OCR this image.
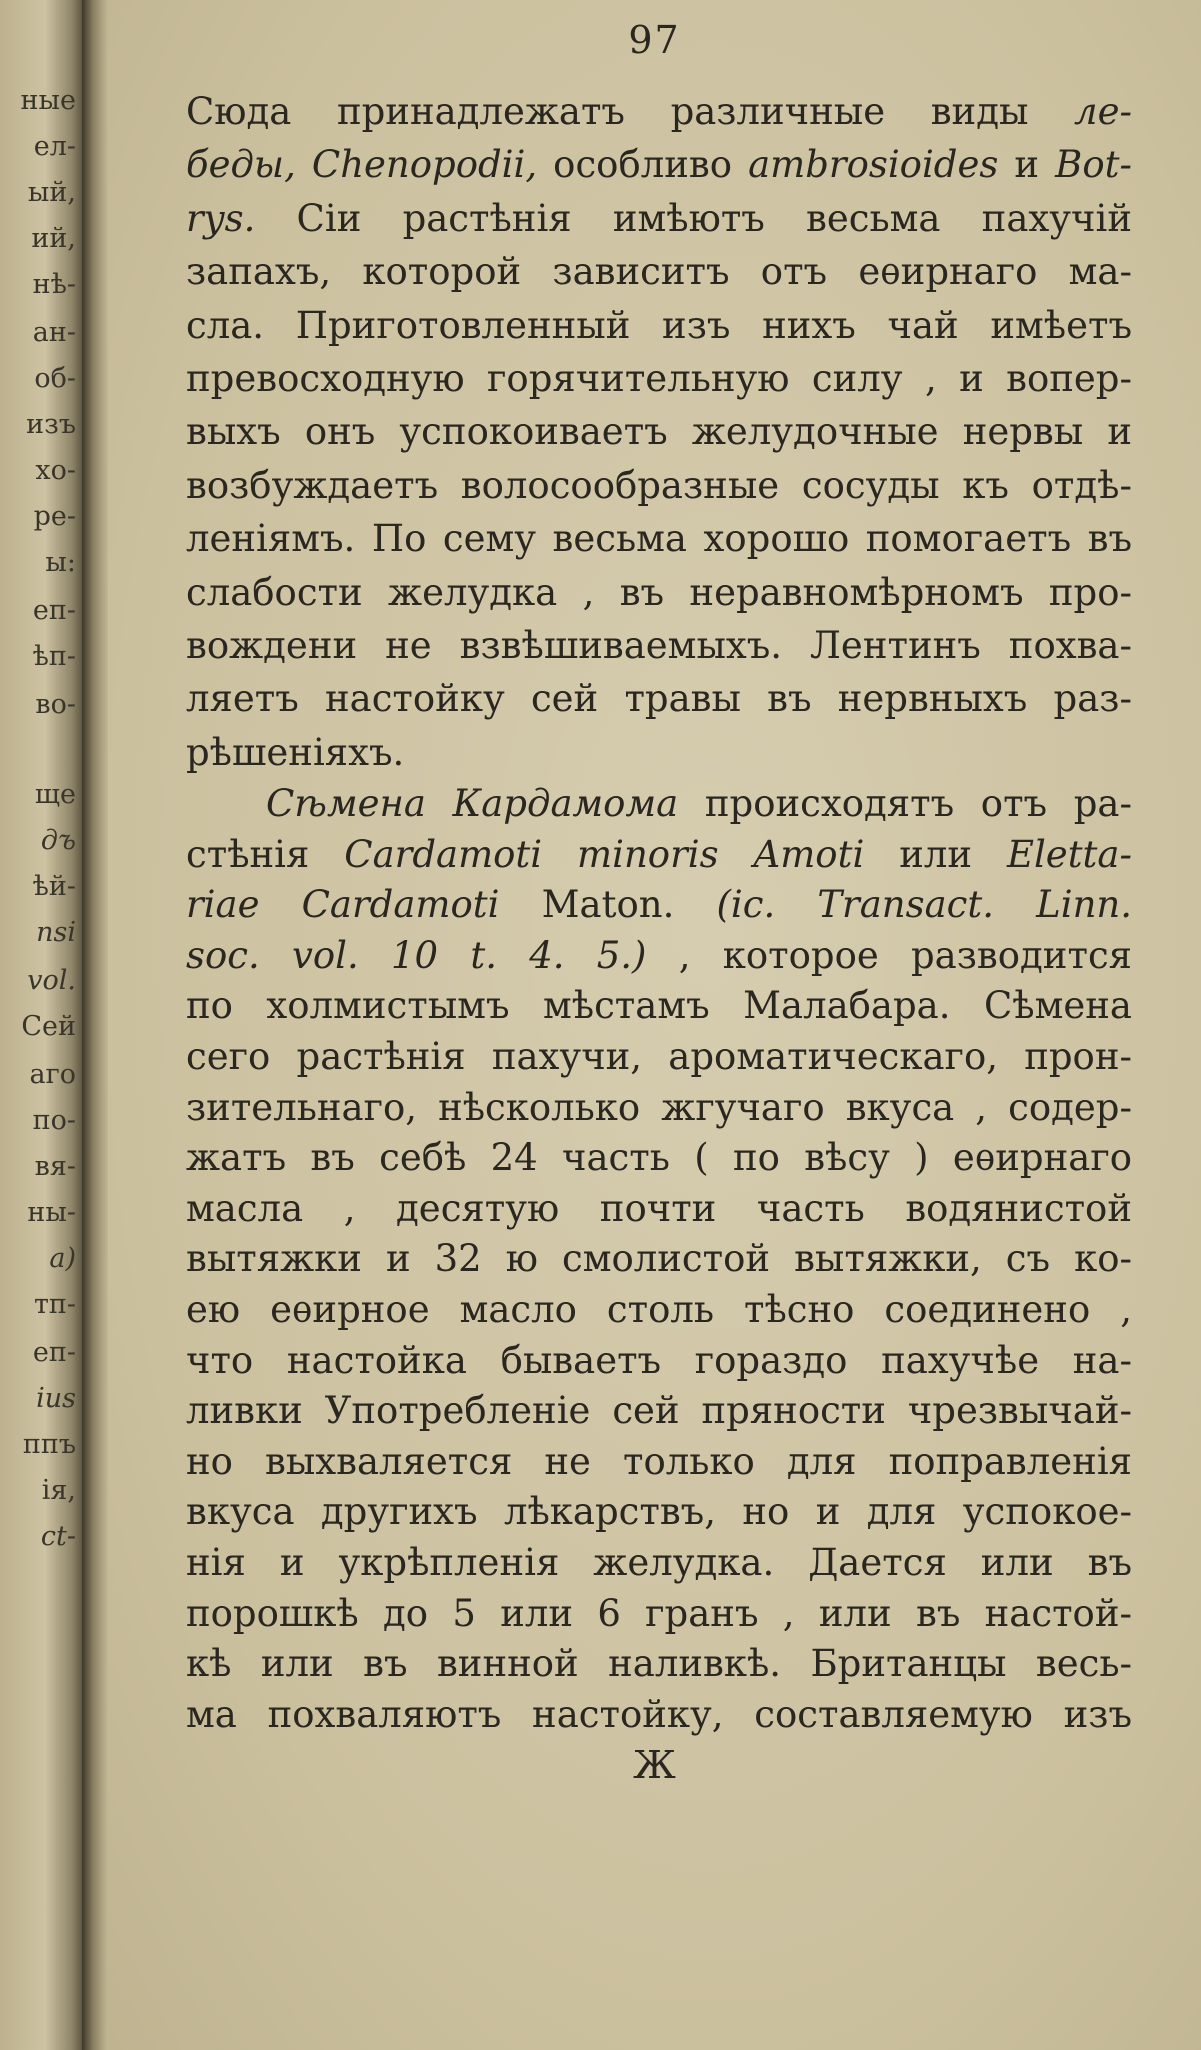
ные
ел-
ый,
ий,
нѣ-
ан-
об-
изъ
хо-
ре-
ы:
еп-
ѣп-
во-
ще
дъ
ѣй-
nsi
vol.
Сей
аго
по-
вя-
ны-
a)
тп-
еп-
ius
ппъ
ія,
ct-
97
Сюда принадлежатъ различные виды ле-
беды, Chenopodii, особливо ambrosioides и Bot-
rys. Сіи растѣнія имѣютъ весьма пахучій
запахъ, которой зависитъ отъ еѳирнаго ма-
сла. Приготовленный изъ нихъ чай имѣетъ
превосходную горячительную силу , и вопер-
выхъ онъ успокоиваетъ желудочные нервы и
возбуждаетъ волосообразные сосуды къ отдѣ-
леніямъ. По сему весьма хорошо помогаетъ въ
слабости желудка , въ неравномѣрномъ про-
вождени не взвѣшиваемыхъ. Лентинъ похва-
ляетъ настойку сей травы въ нервныхъ раз-
рѣшеніяхъ.
Сѣмена Кардамома происходятъ отъ ра-
стѣнія Cardamoti minoris Amoti или Eletta-
riae Cardamoti Maton. (ic. Transact. Linn.
soc. vol. 10 t. 4. 5.) , которое разводится
по холмистымъ мѣстамъ Малабара. Сѣмена
сего растѣнія пахучи, ароматическаго, прон-
зительнаго, нѣсколько жгучаго вкуса , содер-
жатъ въ себѣ 24 часть ( по вѣсу ) еѳирнаго
масла , десятую почти часть водянистой
вытяжки и 32 ю смолистой вытяжки, съ ко-
ею еѳирное масло столь тѣсно соединено ,
что настойка бываетъ гораздо пахучѣе на-
ливки Употребленіе сей пряности чрезвычай-
но выхваляется не только для поправленія
вкуса другихъ лѣкарствъ, но и для успокое-
нія и укрѣпленія желудка. Дается или въ
порошкѣ до 5 или 6 гранъ , или въ настой-
кѣ или въ винной наливкѣ. Британцы весь-
ма похваляютъ настойку, составляемую изъ
Ж
